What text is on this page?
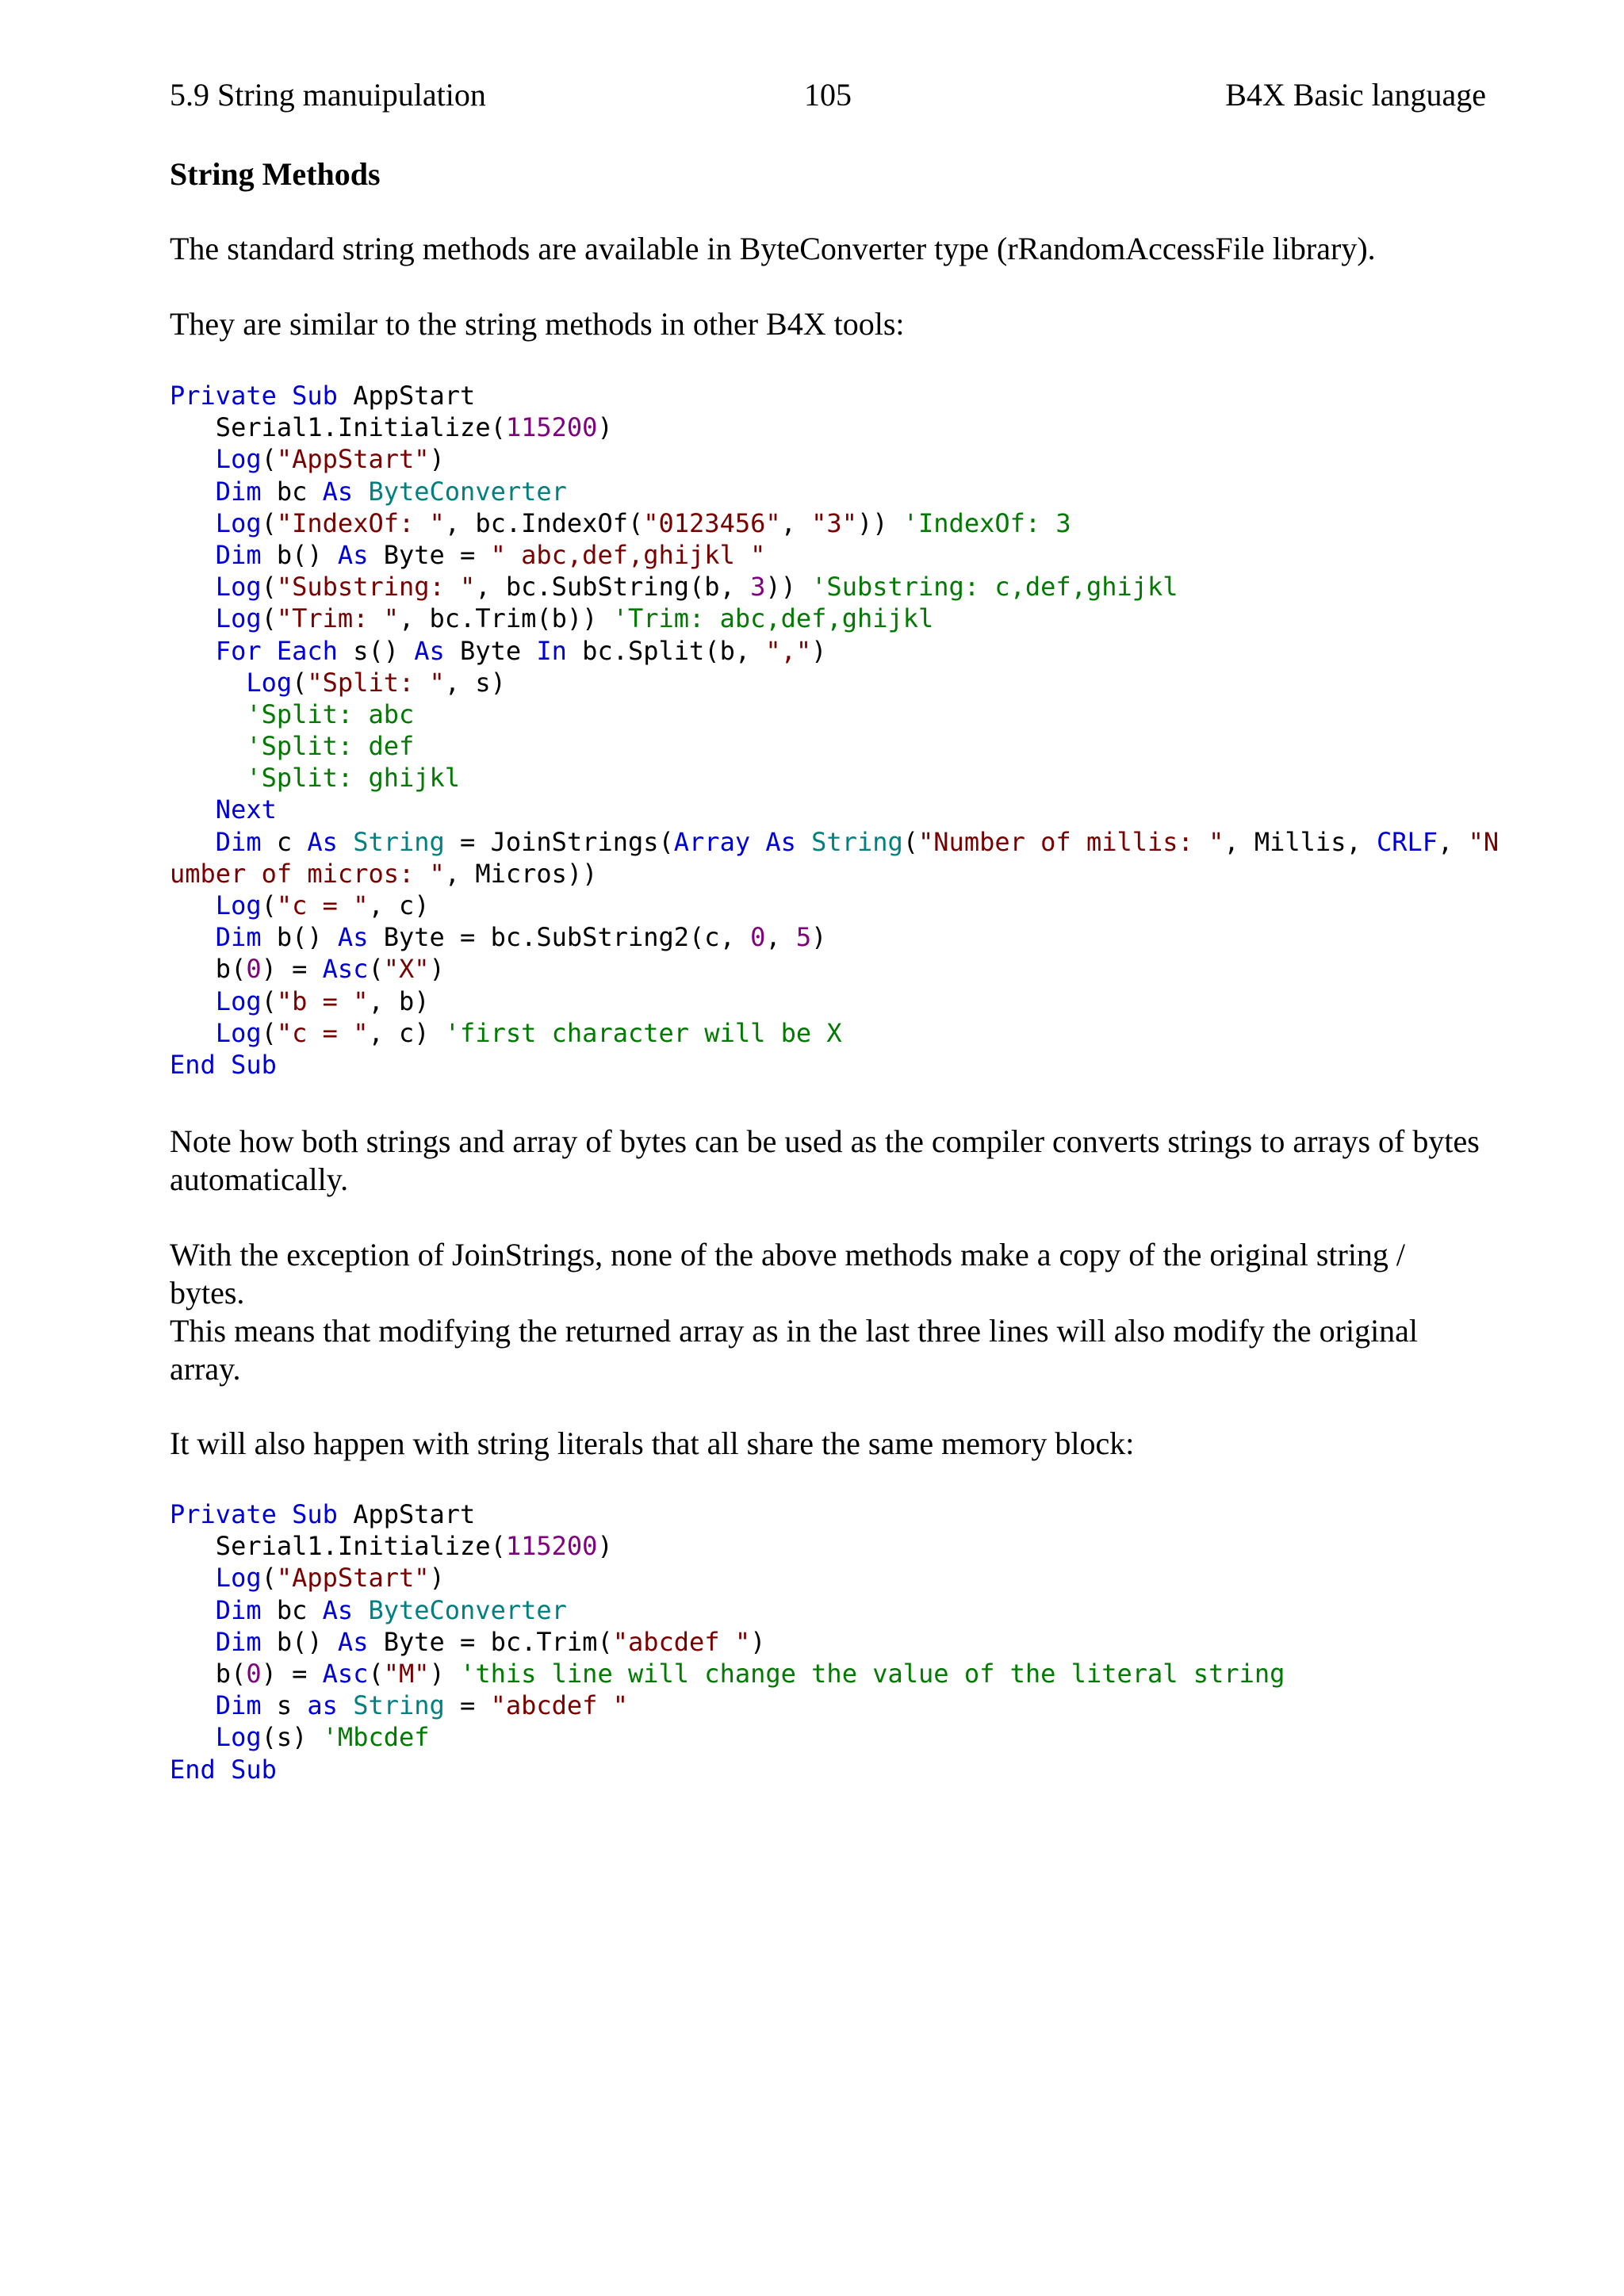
5.9 String manuipulation	105	B4X Basic language

String Methods

The standard string methods are available in ByteConverter type (rRandomAccessFile library).

They are similar to the string methods in other B4X tools:

Private Sub AppStart
Serial1.Initialize(115200)
Log("AppStart")
Dim bc As ByteConverter
Log("IndexOf: ", bc.IndexOf("0123456", "3")) 'IndexOf: 3
Dim b() As Byte = " abc,def,ghijkl "
Log("Substring: ", bc.SubString(b, 3)) 'Substring: c,def,ghijkl
Log("Trim: ", bc.Trim(b)) 'Trim: abc,def,ghijkl
For Each s() As Byte In bc.Split(b, ",")
Log("Split: ", s)
'Split: abc
'Split: def
'Split: ghijkl
Next
Dim c As String = JoinStrings(Array As String("Number of millis: ", Millis, CRLF, "N
umber of micros: ", Micros))
Log("c = ", c)
Dim b() As Byte = bc.SubString2(c, 0, 5)
b(0) = Asc("X")
Log("b = ", b)
Log("c = ", c) 'first character will be X
End Sub

Note how both strings and array of bytes can be used as the compiler converts strings to arrays of bytes automatically.

With the exception of JoinStrings, none of the above methods make a copy of the original string / bytes.

This means that modifying the returned array as in the last three lines will also modify the original array.

It will also happen with string literals that all share the same memory block:

Private Sub AppStart
Serial1.Initialize(115200)
Log("AppStart")
Dim bc As ByteConverter
Dim b() As Byte = bc.Trim("abcdef ")
b(0) = Asc("M") 'this line will change the value of the literal string
Dim s as String = "abcdef "
Log(s) 'Mbcdef
End Sub
